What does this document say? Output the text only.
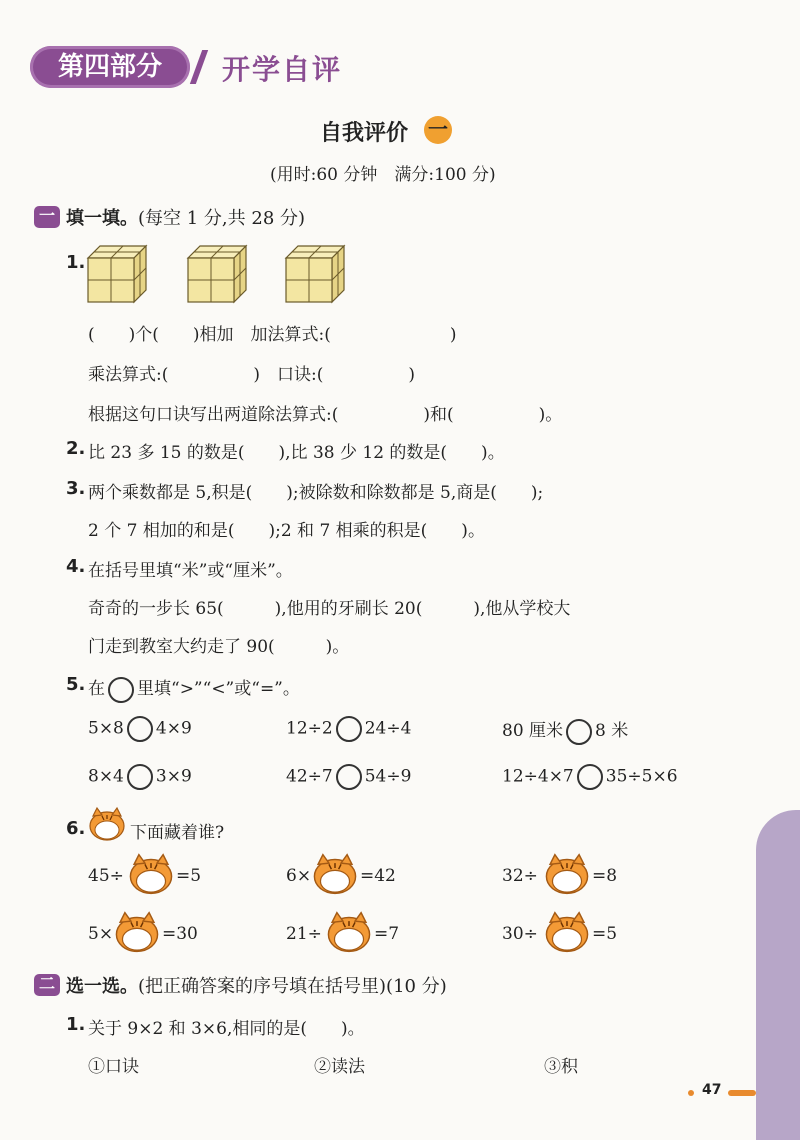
第四部分	开学自评
自我评价 一
(用时:60 分钟　满分:100 分)
一 填一填。(每空 1 分,共 28 分)
1.
(　　)个(　　)相加　加法算式:(　　　　　　　)
乘法算式:(　　　　　)　口诀:(　　　　　)
根据这句口诀写出两道除法算式:(　　　　　)和(　　　　　)。
2. 比 23 多 15 的数是(　　),比 38 少 12 的数是(　　)。
3. 两个乘数都是 5,积是(　　);被除数和除数都是 5,商是(　　);
2 个 7 相加的和是(　　);2 和 7 相乘的积是(　　)。
4. 在括号里填“米”或“厘米”。
奇奇的一步长 65(　　　),他用的牙刷长 20(　　　),他从学校大
门走到教室大约走了 90(　　　)。
5. 在 里填“>”“<”或“=”。
5×8 4×9	12÷2 24÷4	80 厘米 8 米
8×4 3×9	42÷7 54÷9	12÷4×7 35÷5×6
6.	下面藏着谁?
45÷	=5	6×	=42	32÷	=8
5×	=30	21÷	=7	30÷	=5
二 选一选。(把正确答案的序号填在括号里)(10 分)
1. 关于 9×2 和 3×6,相同的是(　　)。
①口诀	②读法	③积
47
